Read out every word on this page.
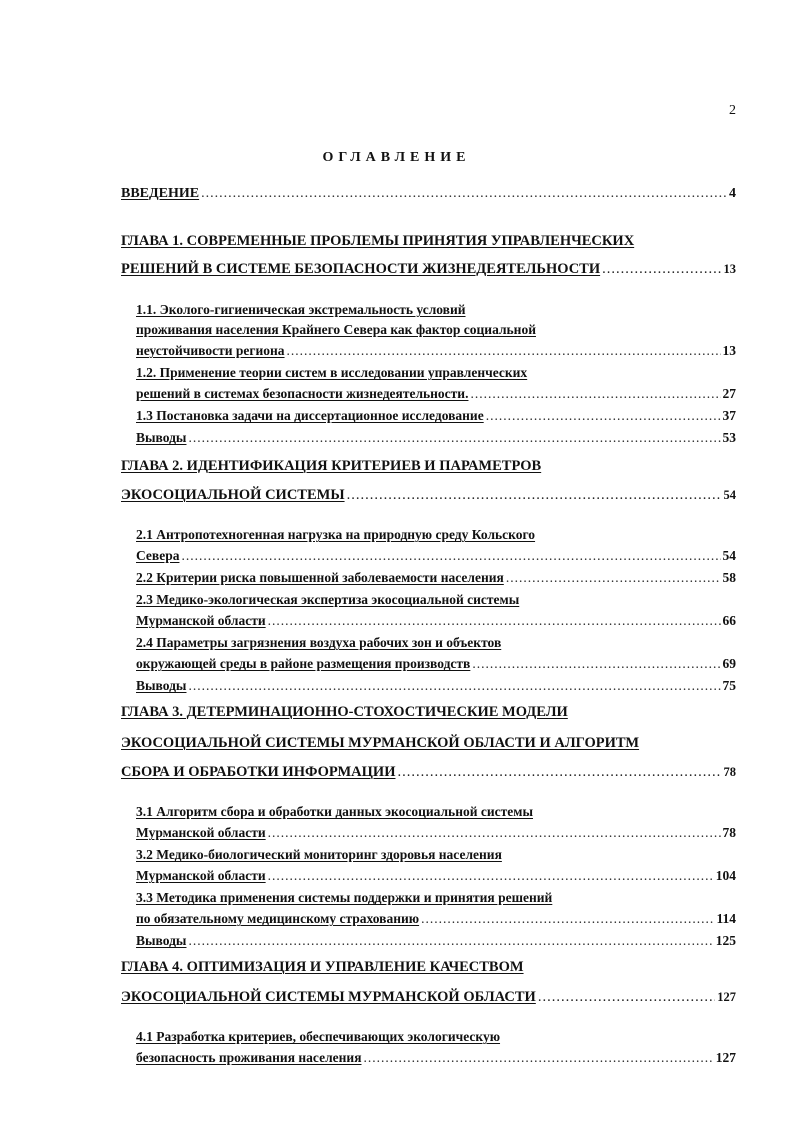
2
ОГЛАВЛЕНИЕ
ВВЕДЕНИЕ .....	4
ГЛАВА 1. СОВРЕМЕННЫЕ ПРОБЛЕМЫ ПРИНЯТИЯ УПРАВЛЕНЧЕСКИХ
РЕШЕНИЙ В СИСТЕМЕ БЕЗОПАСНОСТИ ЖИЗНЕДЕЯТЕЛЬНОСТИ .....	13
1.1. Эколого-гигиеническая экстремальность условий
проживания населения Крайнего Севера как фактор социальной
неустойчивости региона .....	13
1.2. Применение теории систем в исследовании управленческих
решений в системах безопасности жизнедеятельности. .....	27
1.3 Постановка задачи на диссертационное исследование .....	37
Выводы .....	53
ГЛАВА 2. ИДЕНТИФИКАЦИЯ КРИТЕРИЕВ И ПАРАМЕТРОВ
ЭКОСОЦИАЛЬНОЙ СИСТЕМЫ .....	54
2.1 Антропотехногенная нагрузка на природную среду Кольского
Севера .....	54
2.2 Критерии риска повышенной заболеваемости населения .....	58
2.3 Медико-экологическая экспертиза экосоциальной системы
Мурманской области .....	66
2.4 Параметры загрязнения воздуха рабочих зон и объектов
окружающей среды в районе размещения производств .....	69
Выводы .....	75
ГЛАВА 3. ДЕТЕРМИНАЦИОННО-СТОХОСТИЧЕСКИЕ МОДЕЛИ
ЭКОСОЦИАЛЬНОЙ СИСТЕМЫ МУРМАНСКОЙ ОБЛАСТИ И АЛГОРИТМ
СБОРА И ОБРАБОТКИ ИНФОРМАЦИИ .....	78
3.1 Алгоритм сбора и обработки данных экосоциальной системы
Мурманской области .....	78
3.2 Медико-биологический мониторинг здоровья населения
Мурманской области .....	104
3.3 Методика применения системы поддержки и принятия решений
по обязательному медицинскому страхованию .....	114
Выводы .....	125
ГЛАВА 4. ОПТИМИЗАЦИЯ И УПРАВЛЕНИЕ КАЧЕСТВОМ
ЭКОСОЦИАЛЬНОЙ СИСТЕМЫ МУРМАНСКОЙ ОБЛАСТИ .....	127
4.1 Разработка критериев, обеспечивающих экологическую
безопасность проживания населения .....	127
